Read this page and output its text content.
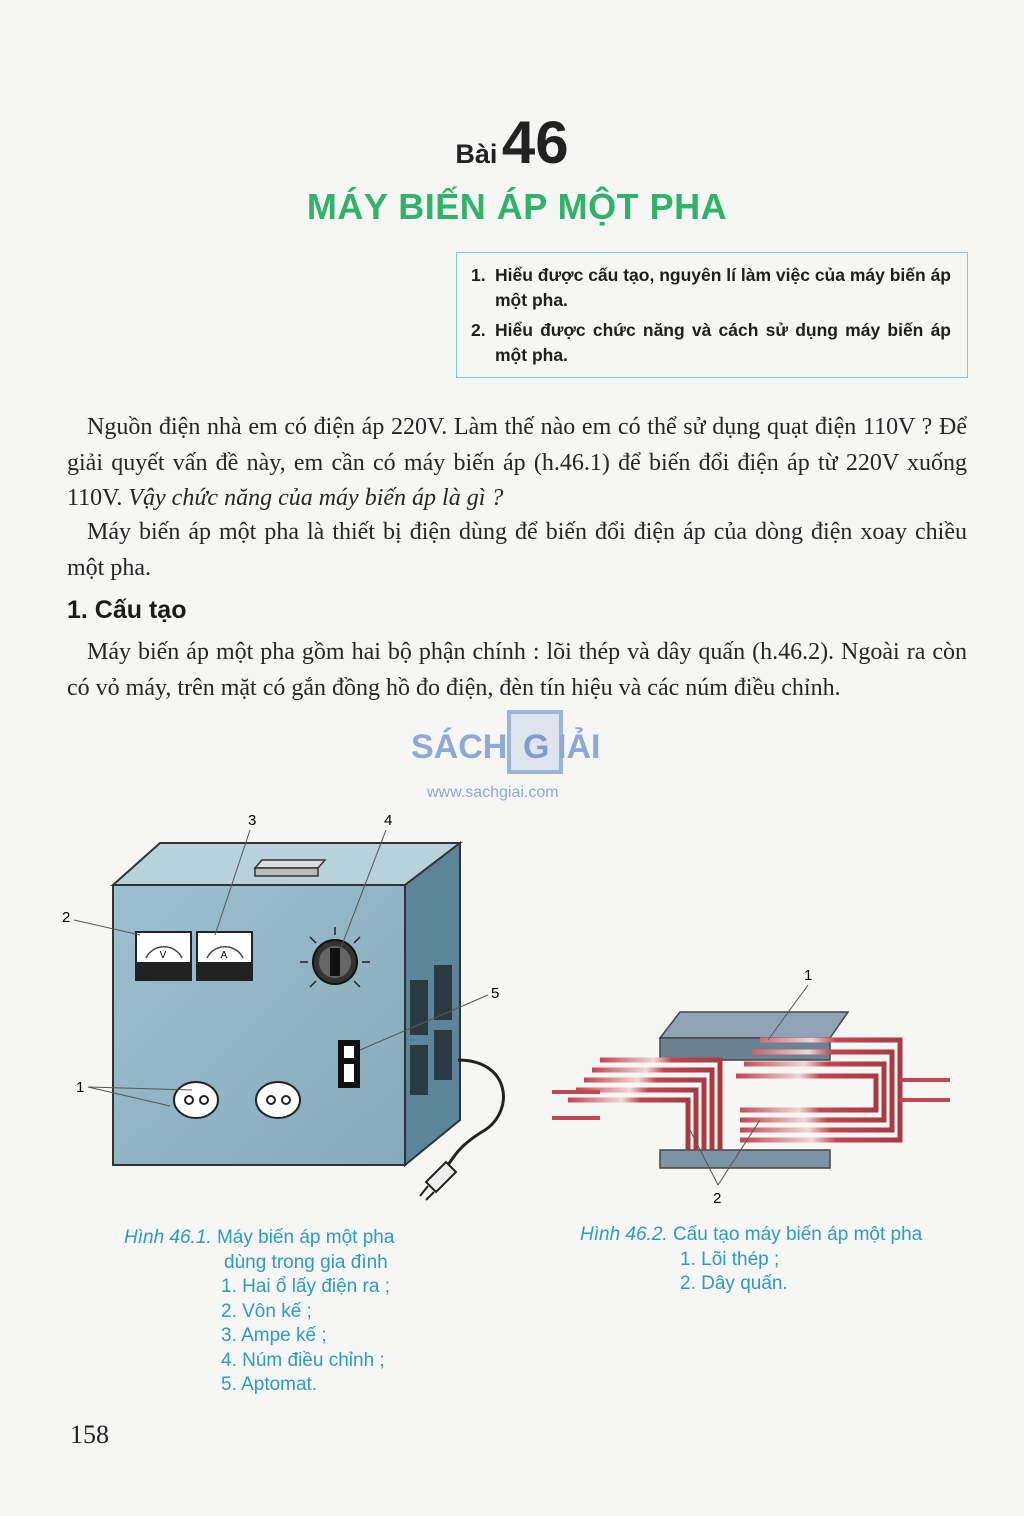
Bài 46
MÁY BIẾN ÁP MỘT PHA
1. Hiểu được cấu tạo, nguyên lí làm việc của máy biến áp một pha.
2. Hiểu được chức năng và cách sử dụng máy biến áp một pha.
Nguồn điện nhà em có điện áp 220V. Làm thế nào em có thể sử dụng quạt điện 110V ? Để giải quyết vấn đề này, em cần có máy biến áp (h.46.1) để biến đổi điện áp từ 220V xuống 110V. Vậy chức năng của máy biến áp là gì ?
Máy biến áp một pha là thiết bị điện dùng để biến đổi điện áp của dòng điện xoay chiều một pha.
1. Cấu tạo
Máy biến áp một pha gồm hai bộ phận chính : lõi thép và dây quấn (h.46.2). Ngoài ra còn có vỏ máy, trên mặt có gắn đồng hồ đo điện, đèn tín hiệu và các núm điều chỉnh.
SÁCH G IẢI
www.sachgiai.com
V	A
1
2
3	4
5
1
2
Hình 46.1. Máy biến áp một pha
dùng trong gia đình
1. Hai ổ lấy điện ra ;
2. Vôn kế ;
3. Ampe kế ;
4. Núm điều chỉnh ;
5. Aptomat.
Hình 46.2. Cấu tạo máy biến áp một pha
1. Lõi thép ;
2. Dây quấn.
158
